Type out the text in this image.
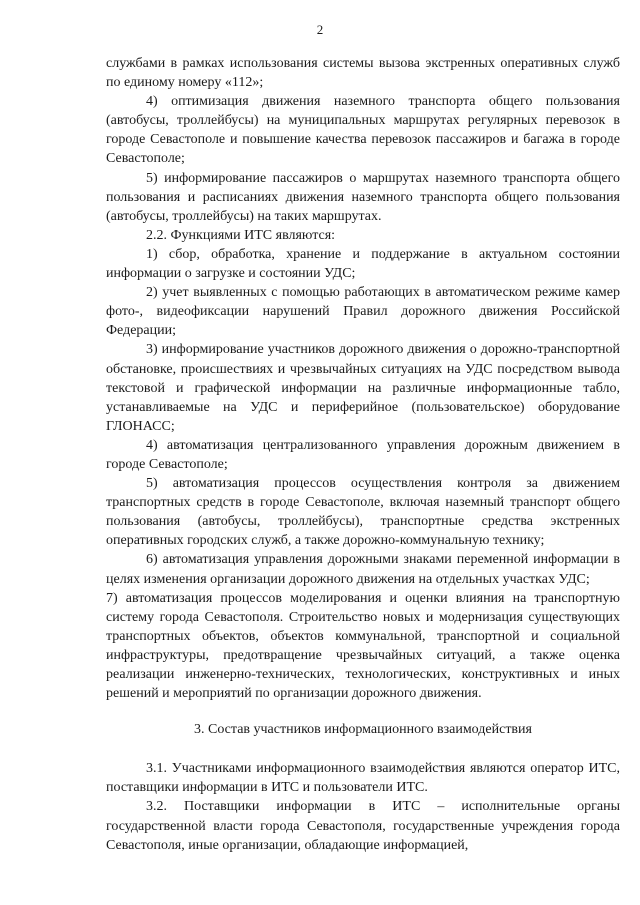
2

службами в рамках использования системы вызова экстренных оперативных служб по единому номеру «112»;

4) оптимизация движения наземного транспорта общего пользования (автобусы, троллейбусы) на муниципальных маршрутах регулярных перевозок в городе Севастополе и повышение качества перевозок пассажиров и багажа в городе Севастополе;

5) информирование пассажиров о маршрутах наземного транспорта общего пользования и расписаниях движения наземного транспорта общего пользования (автобусы, троллейбусы) на таких маршрутах.

2.2. Функциями ИТС являются:

1) сбор, обработка, хранение и поддержание в актуальном состоянии информации о загрузке и состоянии УДС;

2) учет выявленных с помощью работающих в автоматическом режиме камер фото-, видеофиксации нарушений Правил дорожного движения Российской Федерации;

3) информирование участников дорожного движения о дорожно-транспортной обстановке, происшествиях и чрезвычайных ситуациях на УДС посредством вывода текстовой и графической информации на различные информационные табло, устанавливаемые на УДС и периферийное (пользовательское) оборудование ГЛОНАСС;

4) автоматизация централизованного управления дорожным движением в городе Севастополе;

5) автоматизация процессов осуществления контроля за движением транспортных средств в городе Севастополе, включая наземный транспорт общего пользования (автобусы, троллейбусы), транспортные средства экстренных оперативных городских служб, а также дорожно-коммунальную технику;

6) автоматизация управления дорожными знаками переменной информации в целях изменения организации дорожного движения на отдельных участках УДС;

7) автоматизация процессов моделирования и оценки влияния на транспортную систему города Севастополя. Строительство новых и модернизация существующих транспортных объектов, объектов коммунальной, транспортной и социальной инфраструктуры, предотвращение чрезвычайных ситуаций, а также оценка реализации инженерно-технических, технологических, конструктивных и иных решений и мероприятий по организации дорожного движения.

3. Состав участников информационного взаимодействия

3.1. Участниками информационного взаимодействия являются оператор ИТС, поставщики информации в ИТС и пользователи ИТС.

3.2. Поставщики информации в ИТС – исполнительные органы государственной власти города Севастополя, государственные учреждения города Севастополя, иные организации, обладающие информацией,
